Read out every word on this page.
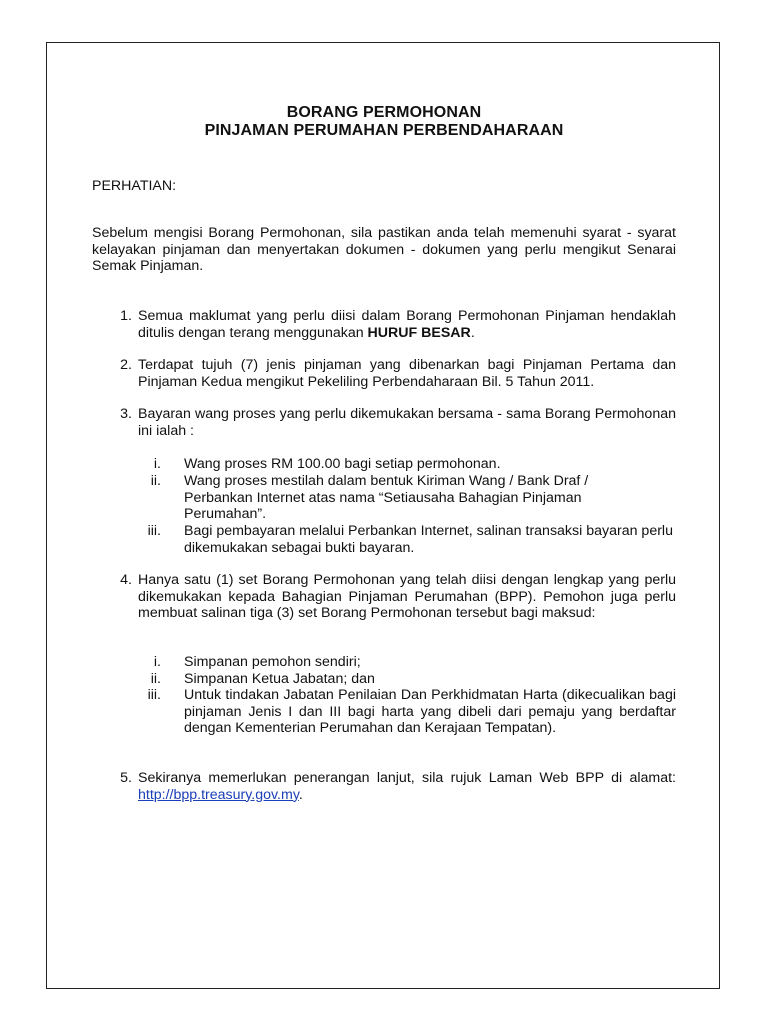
BORANG PERMOHONAN
PINJAMAN PERUMAHAN PERBENDAHARAAN
PERHATIAN:
Sebelum mengisi Borang Permohonan, sila pastikan anda telah memenuhi syarat - syarat kelayakan pinjaman dan menyertakan dokumen - dokumen yang perlu mengikut Senarai Semak Pinjaman.
1. Semua maklumat yang perlu diisi dalam Borang Permohonan Pinjaman hendaklah ditulis dengan terang menggunakan HURUF BESAR.
2. Terdapat tujuh (7) jenis pinjaman yang dibenarkan bagi Pinjaman Pertama dan Pinjaman Kedua mengikut Pekeliling Perbendaharaan Bil. 5 Tahun 2011.
3. Bayaran wang proses yang perlu dikemukakan bersama - sama Borang Permohonan ini ialah :
i. Wang proses RM 100.00 bagi setiap permohonan.
ii. Wang proses mestilah dalam bentuk Kiriman Wang / Bank Draf / Perbankan Internet atas nama “Setiausaha Bahagian Pinjaman Perumahan”.
iii. Bagi pembayaran melalui Perbankan Internet, salinan transaksi bayaran perlu dikemukakan sebagai bukti bayaran.
4. Hanya satu (1) set Borang Permohonan yang telah diisi dengan lengkap yang perlu dikemukakan kepada Bahagian Pinjaman Perumahan (BPP). Pemohon juga perlu membuat salinan tiga (3) set Borang Permohonan tersebut bagi maksud:
i. Simpanan pemohon sendiri;
ii. Simpanan Ketua Jabatan; dan
iii. Untuk tindakan Jabatan Penilaian Dan Perkhidmatan Harta (dikecualikan bagi pinjaman Jenis I dan III bagi harta yang dibeli dari pemaju yang berdaftar dengan Kementerian Perumahan dan Kerajaan Tempatan).
5. Sekiranya memerlukan penerangan lanjut, sila rujuk Laman Web BPP di alamat: http://bpp.treasury.gov.my.
